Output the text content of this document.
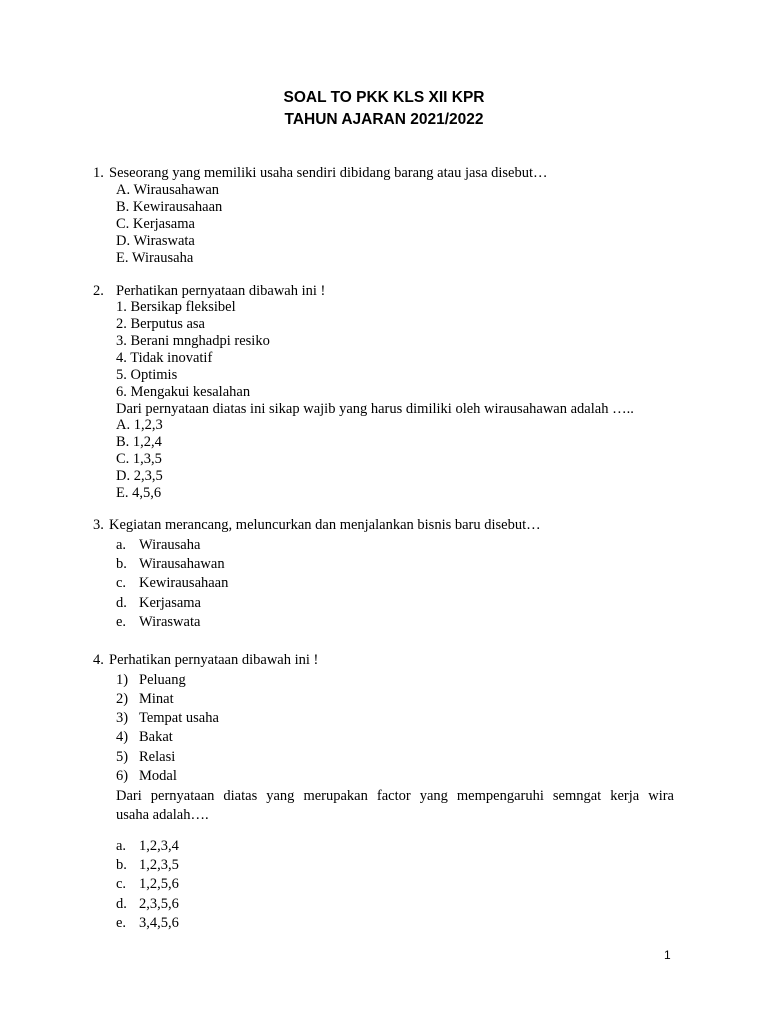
SOAL TO PKK KLS XII KPR
TAHUN AJARAN 2021/2022
1. Seseorang yang memiliki usaha sendiri dibidang barang atau jasa disebut…
A. Wirausahawan
B. Kewirausahaan
C. Kerjasama
D. Wiraswata
E. Wirausaha
2. Perhatikan pernyataan dibawah ini !
1. Bersikap fleksibel
2. Berputus asa
3. Berani mnghadpi resiko
4. Tidak inovatif
5. Optimis
6. Mengakui kesalahan
Dari pernyataan diatas ini sikap wajib yang harus dimiliki oleh wirausahawan adalah …..
A. 1,2,3
B. 1,2,4
C. 1,3,5
D. 2,3,5
E. 4,5,6
3. Kegiatan merancang, meluncurkan dan menjalankan bisnis baru disebut…
a. Wirausaha
b. Wirausahawan
c. Kewirausahaan
d. Kerjasama
e. Wiraswata
4. Perhatikan pernyataan dibawah ini !
1) Peluang
2) Minat
3) Tempat usaha
4) Bakat
5) Relasi
6) Modal
Dari pernyataan diatas yang merupakan factor yang mempengaruhi semngat kerja wira
usaha adalah….
a. 1,2,3,4
b. 1,2,3,5
c. 1,2,5,6
d. 2,3,5,6
e. 3,4,5,6
1
